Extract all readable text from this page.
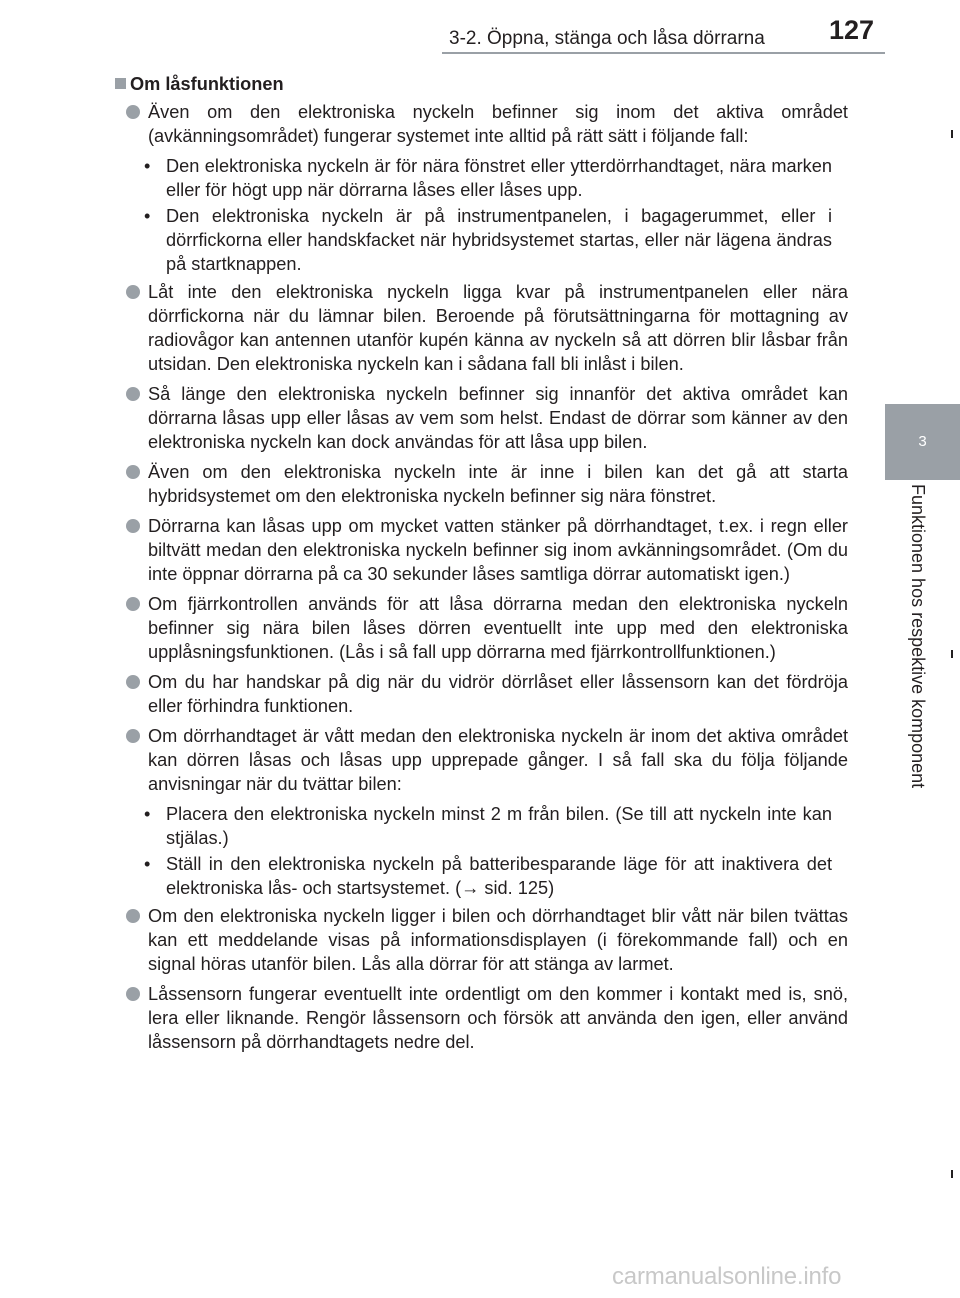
3-2. Öppna, stänga och låsa dörrarna 127
3
Funktionen hos respektive komponent
Om låsfunktionen
Även om den elektroniska nyckeln befinner sig inom det aktiva området (avkänningsområdet) fungerar systemet inte alltid på rätt sätt i följande fall:
• Den elektroniska nyckeln är för nära fönstret eller ytterdörrhandtaget, nära marken eller för högt upp när dörrarna låses eller låses upp.
• Den elektroniska nyckeln är på instrumentpanelen, i bagagerummet, eller i dörrfickorna eller handskfacket när hybridsystemet startas, eller när lägena ändras på startknappen.
Låt inte den elektroniska nyckeln ligga kvar på instrumentpanelen eller nära dörrfickorna när du lämnar bilen. Beroende på förutsättningarna för mottagning av radiovågor kan antennen utanför kupén känna av nyckeln så att dörren blir låsbar från utsidan. Den elektroniska nyckeln kan i sådana fall bli inlåst i bilen.
Så länge den elektroniska nyckeln befinner sig innanför det aktiva området kan dörrarna låsas upp eller låsas av vem som helst. Endast de dörrar som känner av den elektroniska nyckeln kan dock användas för att låsa upp bilen.
Även om den elektroniska nyckeln inte är inne i bilen kan det gå att starta hybridsystemet om den elektroniska nyckeln befinner sig nära fönstret.
Dörrarna kan låsas upp om mycket vatten stänker på dörrhandtaget, t.ex. i regn eller biltvätt medan den elektroniska nyckeln befinner sig inom avkänningsområdet. (Om du inte öppnar dörrarna på ca 30 sekunder låses samtliga dörrar automatiskt igen.)
Om fjärrkontrollen används för att låsa dörrarna medan den elektroniska nyckeln befinner sig nära bilen låses dörren eventuellt inte upp med den elektroniska upplåsningsfunktionen. (Lås i så fall upp dörrarna med fjärrkontrollfunktionen.)
Om du har handskar på dig när du vidrör dörrlåset eller låssensorn kan det fördröja eller förhindra funktionen.
Om dörrhandtaget är vått medan den elektroniska nyckeln är inom det aktiva området kan dörren låsas och låsas upp upprepade gånger. I så fall ska du följa följande anvisningar när du tvättar bilen:
• Placera den elektroniska nyckeln minst 2 m från bilen. (Se till att nyckeln inte kan stjälas.)
• Ställ in den elektroniska nyckeln på batteribesparande läge för att inaktivera det elektroniska lås- och startsystemet. (→ sid. 125)
Om den elektroniska nyckeln ligger i bilen och dörrhandtaget blir vått när bilen tvättas kan ett meddelande visas på informationsdisplayen (i förekommande fall) och en signal höras utanför bilen. Lås alla dörrar för att stänga av larmet.
Låssensorn fungerar eventuellt inte ordentligt om den kommer i kontakt med is, snö, lera eller liknande. Rengör låssensorn och försök att använda den igen, eller använd låssensorn på dörrhandtagets nedre del.
carmanualsonline.info
